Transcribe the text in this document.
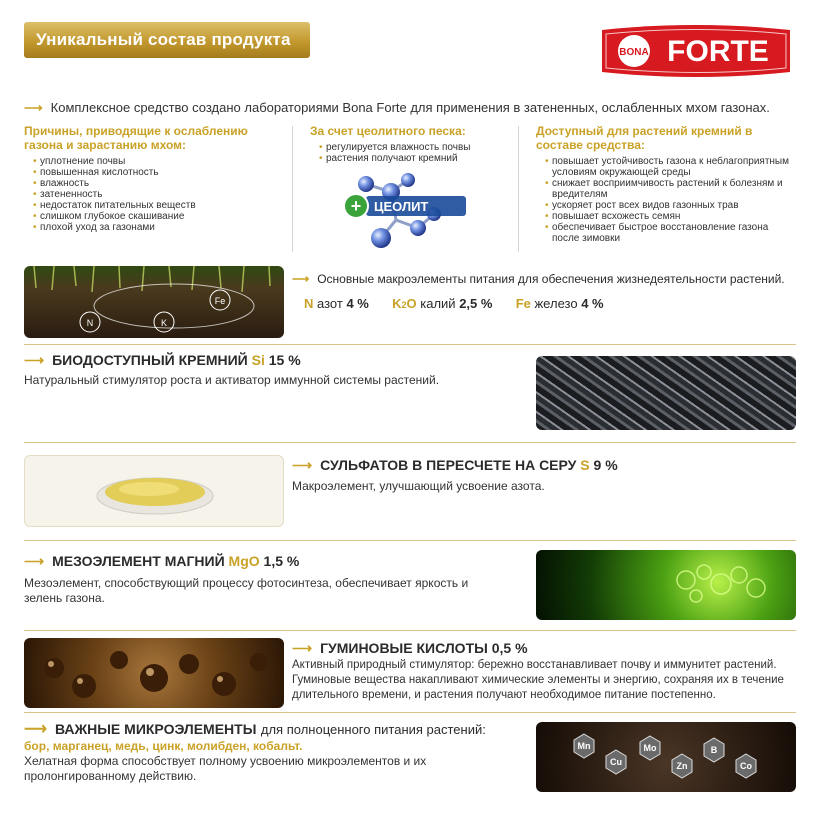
Уникальный состав продукта
BONA FORTE
⟶ Комплексное средство создано лабораториями Bona Forte для применения в затененных, ослабленных мхом газонах.
Причины, приводящие к ослаблению газона и зарастанию мхом:
• уплотнение почвы
• повышенная кислотность
• влажность
• затененность
• недостаток питательных веществ
• слишком глубокое скашивание
• плохой уход за газонами
За счет цеолитного песка:
• регулируется влажность почвы
• растения получают кремний
+ ЦЕОЛИТ
Доступный для растений кремний в составе средства:
• повышает устойчивость газона к неблагоприятным условиям окружающей среды
• снижает восприимчивость растений к болезням и вредителям
• ускоряет рост всех видов газонных трав
• повышает всхожесть семян
• обеспечивает быстрое восстановление газона после зимовки
Fe
N	K
⟶ Основные макроэлементы питания для обеспечения жизнедеятельности растений.
N азот 4 % K2O калий 2,5 % Fe железо 4 %
⟶ БИОДОСТУПНЫЙ КРЕМНИЙ Si 15 %
Натуральный стимулятор роста и активатор иммунной системы растений.
⟶ СУЛЬФАТОВ В ПЕРЕСЧЕТЕ НА СЕРУ S 9 %
Макроэлемент, улучшающий усвоение азота.
⟶ МЕЗОЭЛЕМЕНТ МАГНИЙ MgO 1,5 %
Мезоэлемент, способствующий процессу фотосинтеза, обеспечивает яркость и
зелень газона.
⟶ ГУМИНОВЫЕ КИСЛОТЫ 0,5 %
Активный природный стимулятор: бережно восстанавливает почву и иммунитет растений.
Гуминовые вещества накапливают химические элементы и энергию, сохраняя их в течение
длительного времени, и растения получают необходимое питание постепенно.
⟶ ВАЖНЫЕ МИКРОЭЛЕМЕНТЫ для полноценного питания растений:
бор, марганец, медь, цинк, молибден, кобальт.
Хелатная форма способствует полному усвоению микроэлементов и их
пролонгированному действию.
Mn
Cu
Mo
Zn
B
Co
